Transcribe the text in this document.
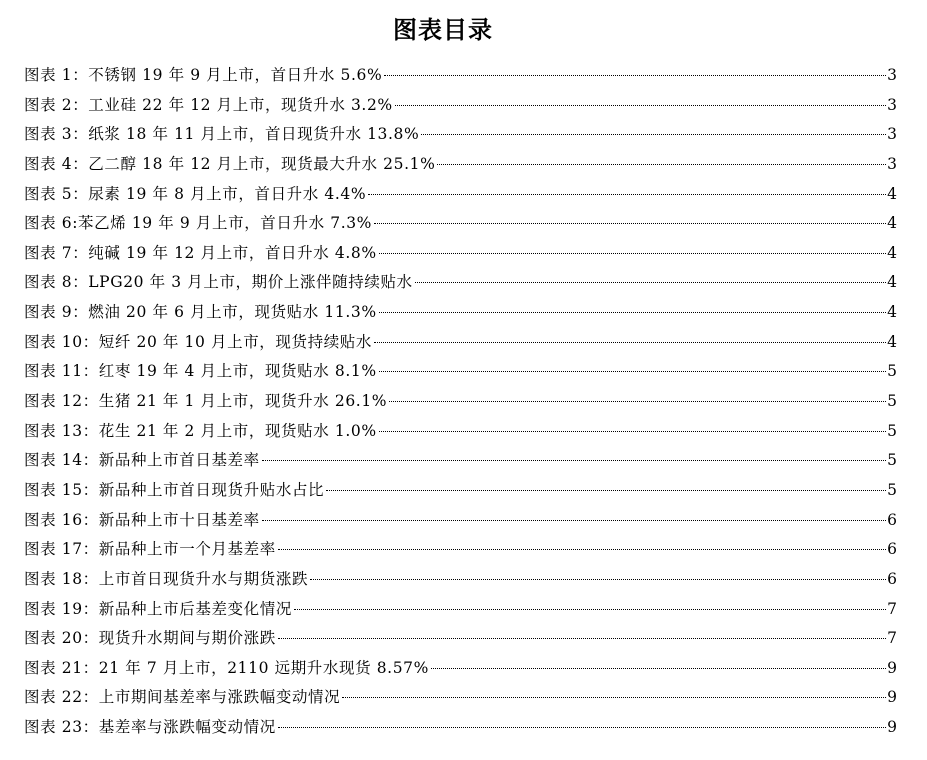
图表目录
图表 1：不锈钢 19 年 9 月上市，首日升水 5.6%	3
图表 2：工业硅 22 年 12 月上市，现货升水 3.2%	3
图表 3：纸浆 18 年 11 月上市，首日现货升水 13.8%	3
图表 4：乙二醇 18 年 12 月上市，现货最大升水 25.1%	3
图表 5：尿素 19 年 8 月上市，首日升水 4.4%	4
图表 6:苯乙烯 19 年 9 月上市，首日升水 7.3%	4
图表 7：纯碱 19 年 12 月上市，首日升水 4.8%	4
图表 8：LPG20 年 3 月上市，期价上涨伴随持续贴水	4
图表 9：燃油 20 年 6 月上市，现货贴水 11.3%	4
图表 10：短纤 20 年 10 月上市，现货持续贴水	4
图表 11：红枣 19 年 4 月上市，现货贴水 8.1%	5
图表 12：生猪 21 年 1 月上市，现货升水 26.1%	5
图表 13：花生 21 年 2 月上市，现货贴水 1.0%	5
图表 14：新品种上市首日基差率	5
图表 15：新品种上市首日现货升贴水占比	5
图表 16：新品种上市十日基差率	6
图表 17：新品种上市一个月基差率	6
图表 18：上市首日现货升水与期货涨跌	6
图表 19：新品种上市后基差变化情况	7
图表 20：现货升水期间与期价涨跌	7
图表 21：21 年 7 月上市，2110 远期升水现货 8.57%	9
图表 22：上市期间基差率与涨跌幅变动情况	9
图表 23：基差率与涨跌幅变动情况	9
